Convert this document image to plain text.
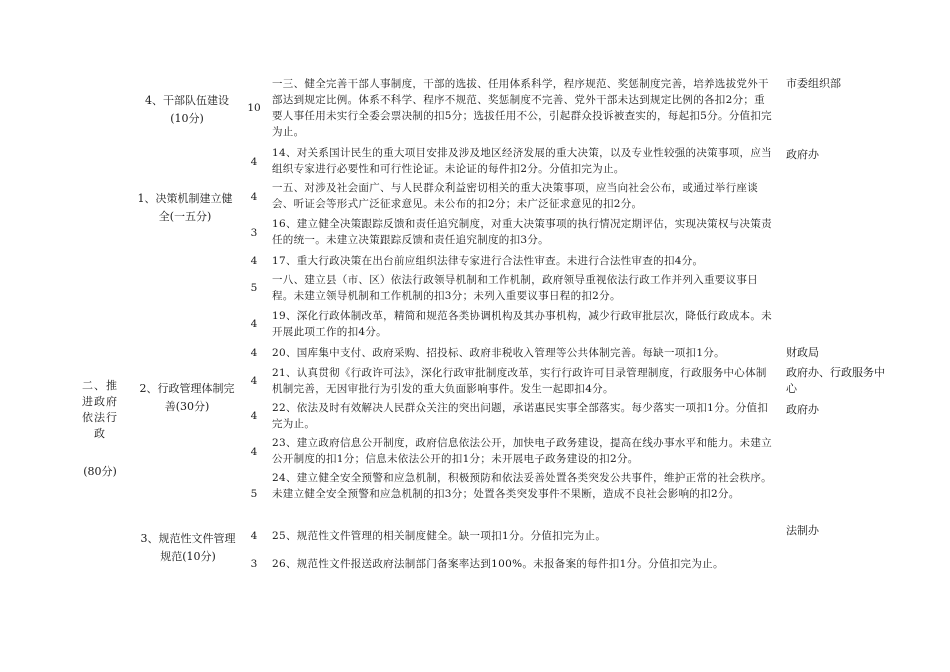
二、推
进政府
依法行
政
(80分)
4、干部队伍建设
(10分)
1、决策机制建立健
全(一五分)
2、行政管理体制完
善(30分)
3、规范性文件管理
规范(10分)
10
4
4
3
4
5
4
4
4
4
4
5
4
3
一三、健全完善干部人事制度，干部的选拔、任用体系科学，程序规范、奖惩制度完善，培养选拔党外干部达到规定比例。体系不科学、程序不规范、奖惩制度不完善、党外干部未达到规定比例的各扣2分；重要人事任用未实行全委会票决制的扣5分；选拔任用不公，引起群众投诉被查实的，每起扣5分。分值扣完为止。
14、对关系国计民生的重大项目安排及涉及地区经济发展的重大决策，以及专业性较强的决策事项，应当组织专家进行必要性和可行性论证。未论证的每件扣2分。分值扣完为止。
一五、对涉及社会面广、与人民群众利益密切相关的重大决策事项，应当向社会公布，或通过举行座谈会、听证会等形式广泛征求意见。未公布的扣2分；未广泛征求意见的扣2分。
16、建立健全决策跟踪反馈和责任追究制度，对重大决策事项的执行情况定期评估，实现决策权与决策责任的统一。未建立决策跟踪反馈和责任追究制度的扣3分。
17、重大行政决策在出台前应组织法律专家进行合法性审查。未进行合法性审查的扣4分。
一八、建立县（市、区）依法行政领导机制和工作机制，政府领导重视依法行政工作并列入重要议事日程。未建立领导机制和工作机制的扣3分；未列入重要议事日程的扣2分。
19、深化行政体制改革，精简和规范各类协调机构及其办事机构，减少行政审批层次，降低行政成本。未开展此项工作的扣4分。
20、国库集中支付、政府采购、招投标、政府非税收入管理等公共体制完善。每缺一项扣1分。
21、认真贯彻《行政许可法》，深化行政审批制度改革，实行行政许可目录管理制度，行政服务中心体制机制完善，无因审批行为引发的重大负面影响事件。发生一起即扣4分。
22、依法及时有效解决人民群众关注的突出问题，承诺惠民实事全部落实。每少落实一项扣1分。分值扣完为止。
23、建立政府信息公开制度，政府信息依法公开，加快电子政务建设，提高在线办事水平和能力。未建立公开制度的扣1分；信息未依法公开的扣1分；未开展电子政务建设的扣2分。
24、建立健全安全预警和应急机制，积极预防和依法妥善处置各类突发公共事件，维护正常的社会秩序。未建立健全安全预警和应急机制的扣3分；处置各类突发事件不果断，造成不良社会影响的扣2分。
25、规范性文件管理的相关制度健全。缺一项扣1分。分值扣完为止。
26、规范性文件报送政府法制部门备案率达到100%。未报备案的每件扣1分。分值扣完为止。
市委组织部
政府办
财政局
政府办、行政服务中心
政府办
法制办
